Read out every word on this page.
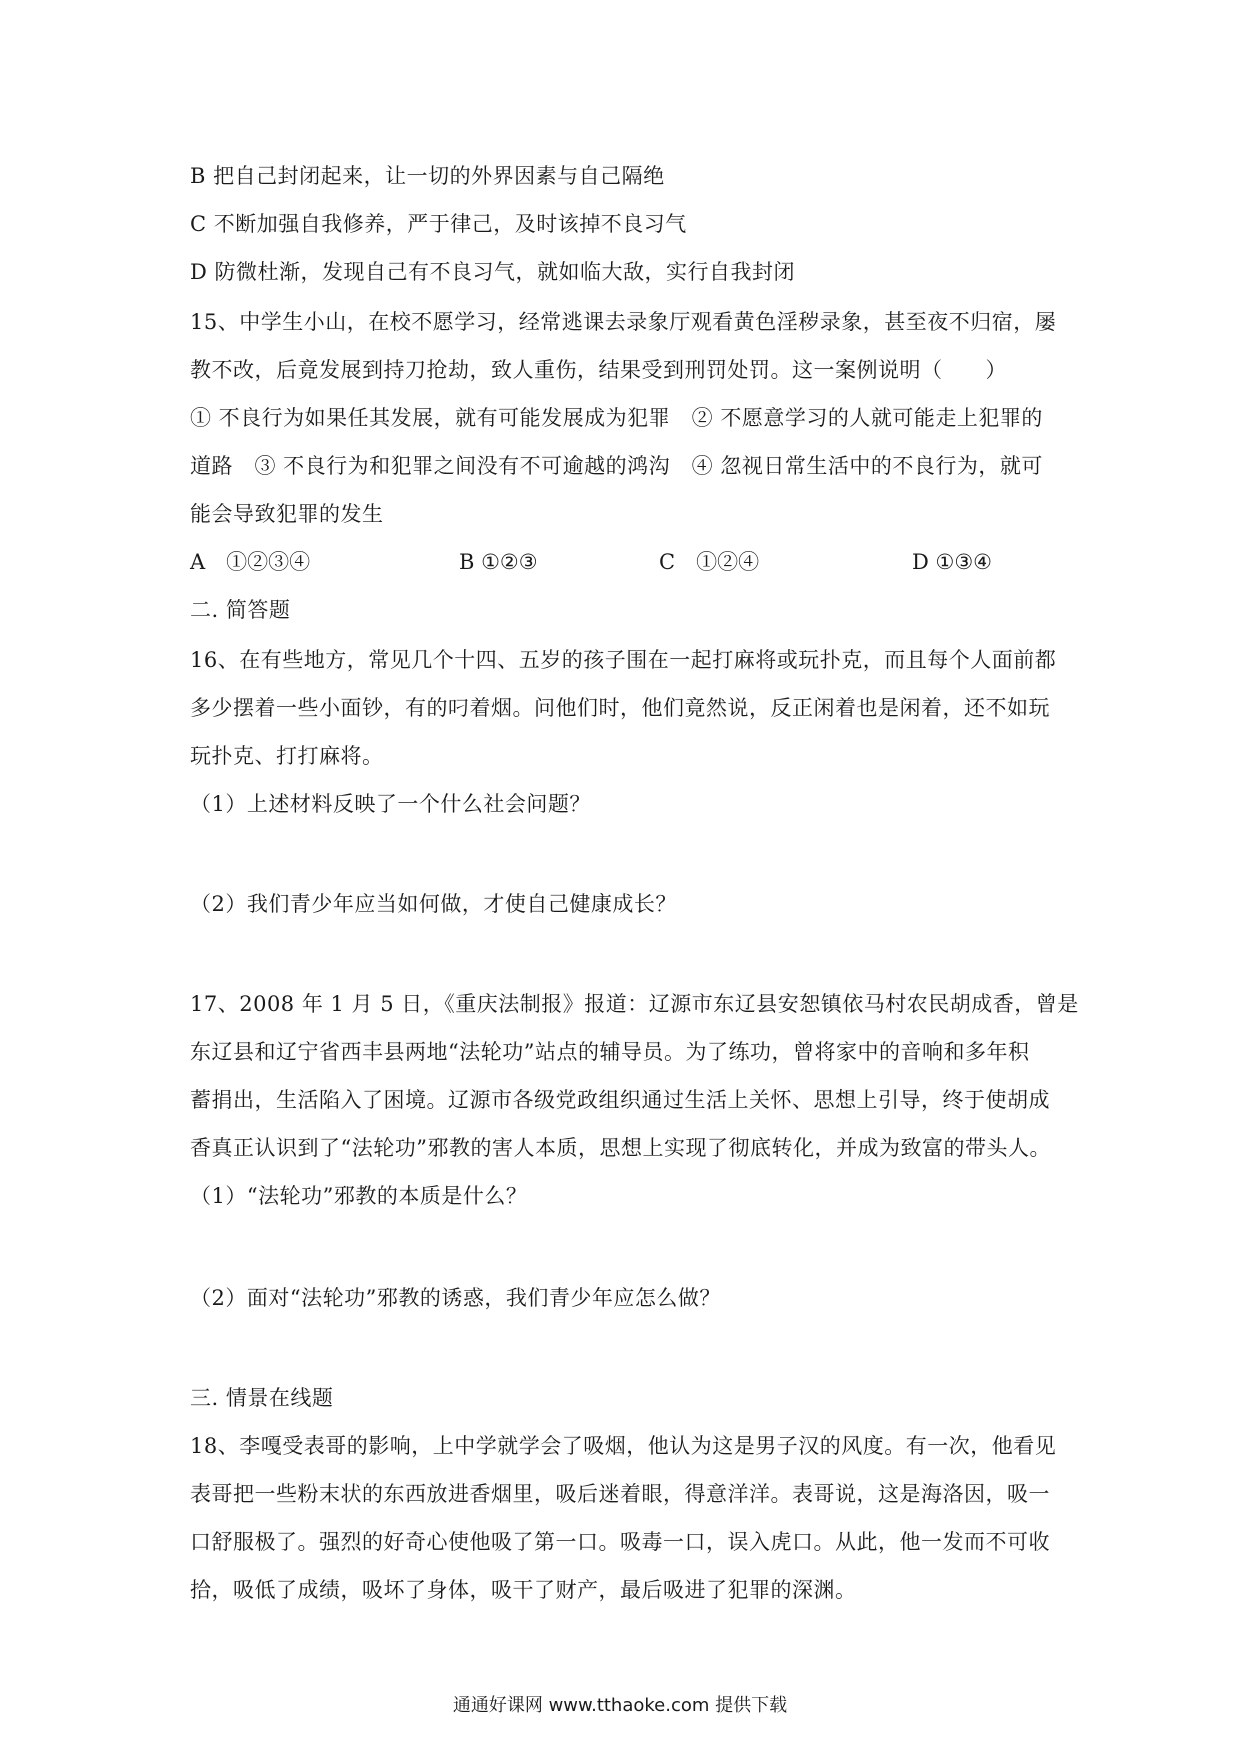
B 把自己封闭起来，让一切的外界因素与自己隔绝
C 不断加强自我修养，严于律己，及时该掉不良习气
D 防微杜渐，发现自己有不良习气，就如临大敌，实行自我封闭
15、中学生小山，在校不愿学习，经常逃课去录象厅观看黄色淫秽录象，甚至夜不归宿，屡
教不改，后竟发展到持刀抢劫，致人重伤，结果受到刑罚处罚。这一案例说明（　　）
① 不良行为如果任其发展，就有可能发展成为犯罪　② 不愿意学习的人就可能走上犯罪的
道路　③ 不良行为和犯罪之间没有不可逾越的鸿沟　④ 忽视日常生活中的不良行为，就可
能会导致犯罪的发生
A　①②③④	B ①②③	C　①②④	D ①③④
二. 简答题
16、在有些地方，常见几个十四、五岁的孩子围在一起打麻将或玩扑克，而且每个人面前都
多少摆着一些小面钞，有的叼着烟。问他们时，他们竟然说，反正闲着也是闲着，还不如玩
玩扑克、打打麻将。
（1）上述材料反映了一个什么社会问题？
（2）我们青少年应当如何做，才使自己健康成长？
17、2008 年 1 月 5 日，《重庆法制报》报道：辽源市东辽县安恕镇依马村农民胡成香，曾是
东辽县和辽宁省西丰县两地“法轮功”站点的辅导员。为了练功，曾将家中的音响和多年积
蓄捐出，生活陷入了困境。辽源市各级党政组织通过生活上关怀、思想上引导，终于使胡成
香真正认识到了“法轮功”邪教的害人本质，思想上实现了彻底转化，并成为致富的带头人。
（1）“法轮功”邪教的本质是什么？
（2）面对“法轮功”邪教的诱惑，我们青少年应怎么做？
三. 情景在线题
18、李嘎受表哥的影响，上中学就学会了吸烟，他认为这是男子汉的风度。有一次，他看见
表哥把一些粉末状的东西放进香烟里，吸后迷着眼，得意洋洋。表哥说，这是海洛因，吸一
口舒服极了。强烈的好奇心使他吸了第一口。吸毒一口，误入虎口。从此，他一发而不可收
拾，吸低了成绩，吸坏了身体，吸干了财产，最后吸进了犯罪的深渊。
通通好课网 www.tthaoke.com 提供下载
